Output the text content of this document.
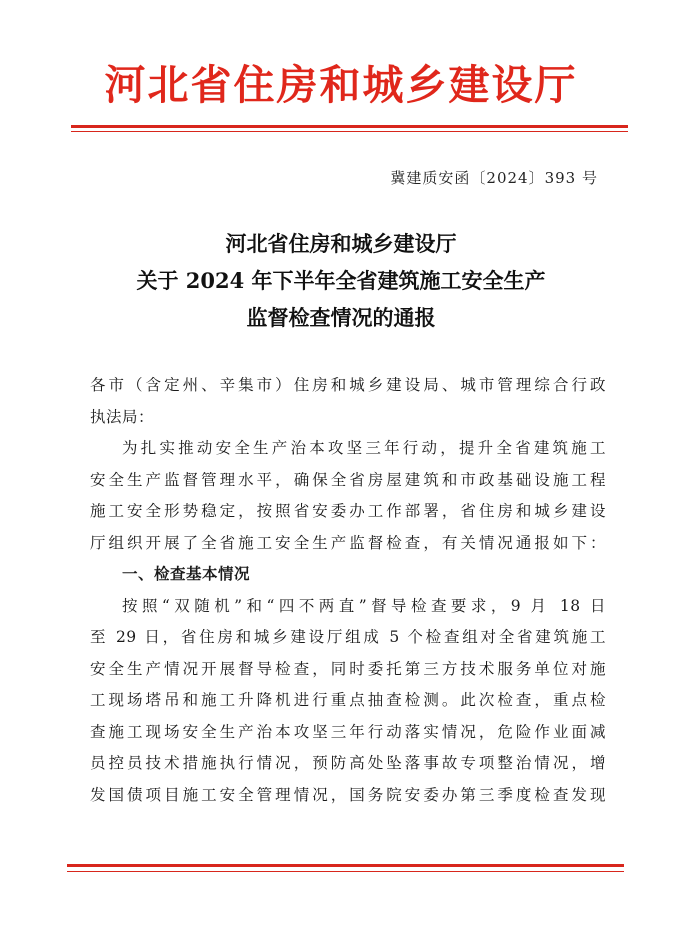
河北省住房和城乡建设厅
冀建质安函〔2024〕393 号
河北省住房和城乡建设厅
关于 2024 年下半年全省建筑施工安全生产
监督检查情况的通报
各市（含定州、辛集市）住房和城乡建设局、城市管理综合行政
执法局：
为扎实推动安全生产治本攻坚三年行动，提升全省建筑施工
安全生产监督管理水平，确保全省房屋建筑和市政基础设施工程
施工安全形势稳定，按照省安委办工作部署，省住房和城乡建设
厅组织开展了全省施工安全生产监督检查，有关情况通报如下：
一、检查基本情况
按照“双随机”和“四不两直”督导检查要求，9 月 18 日
至 29 日，省住房和城乡建设厅组成 5 个检查组对全省建筑施工
安全生产情况开展督导检查，同时委托第三方技术服务单位对施
工现场塔吊和施工升降机进行重点抽查检测。此次检查，重点检
查施工现场安全生产治本攻坚三年行动落实情况，危险作业面减
员控员技术措施执行情况，预防高处坠落事故专项整治情况，增
发国债项目施工安全管理情况，国务院安委办第三季度检查发现
